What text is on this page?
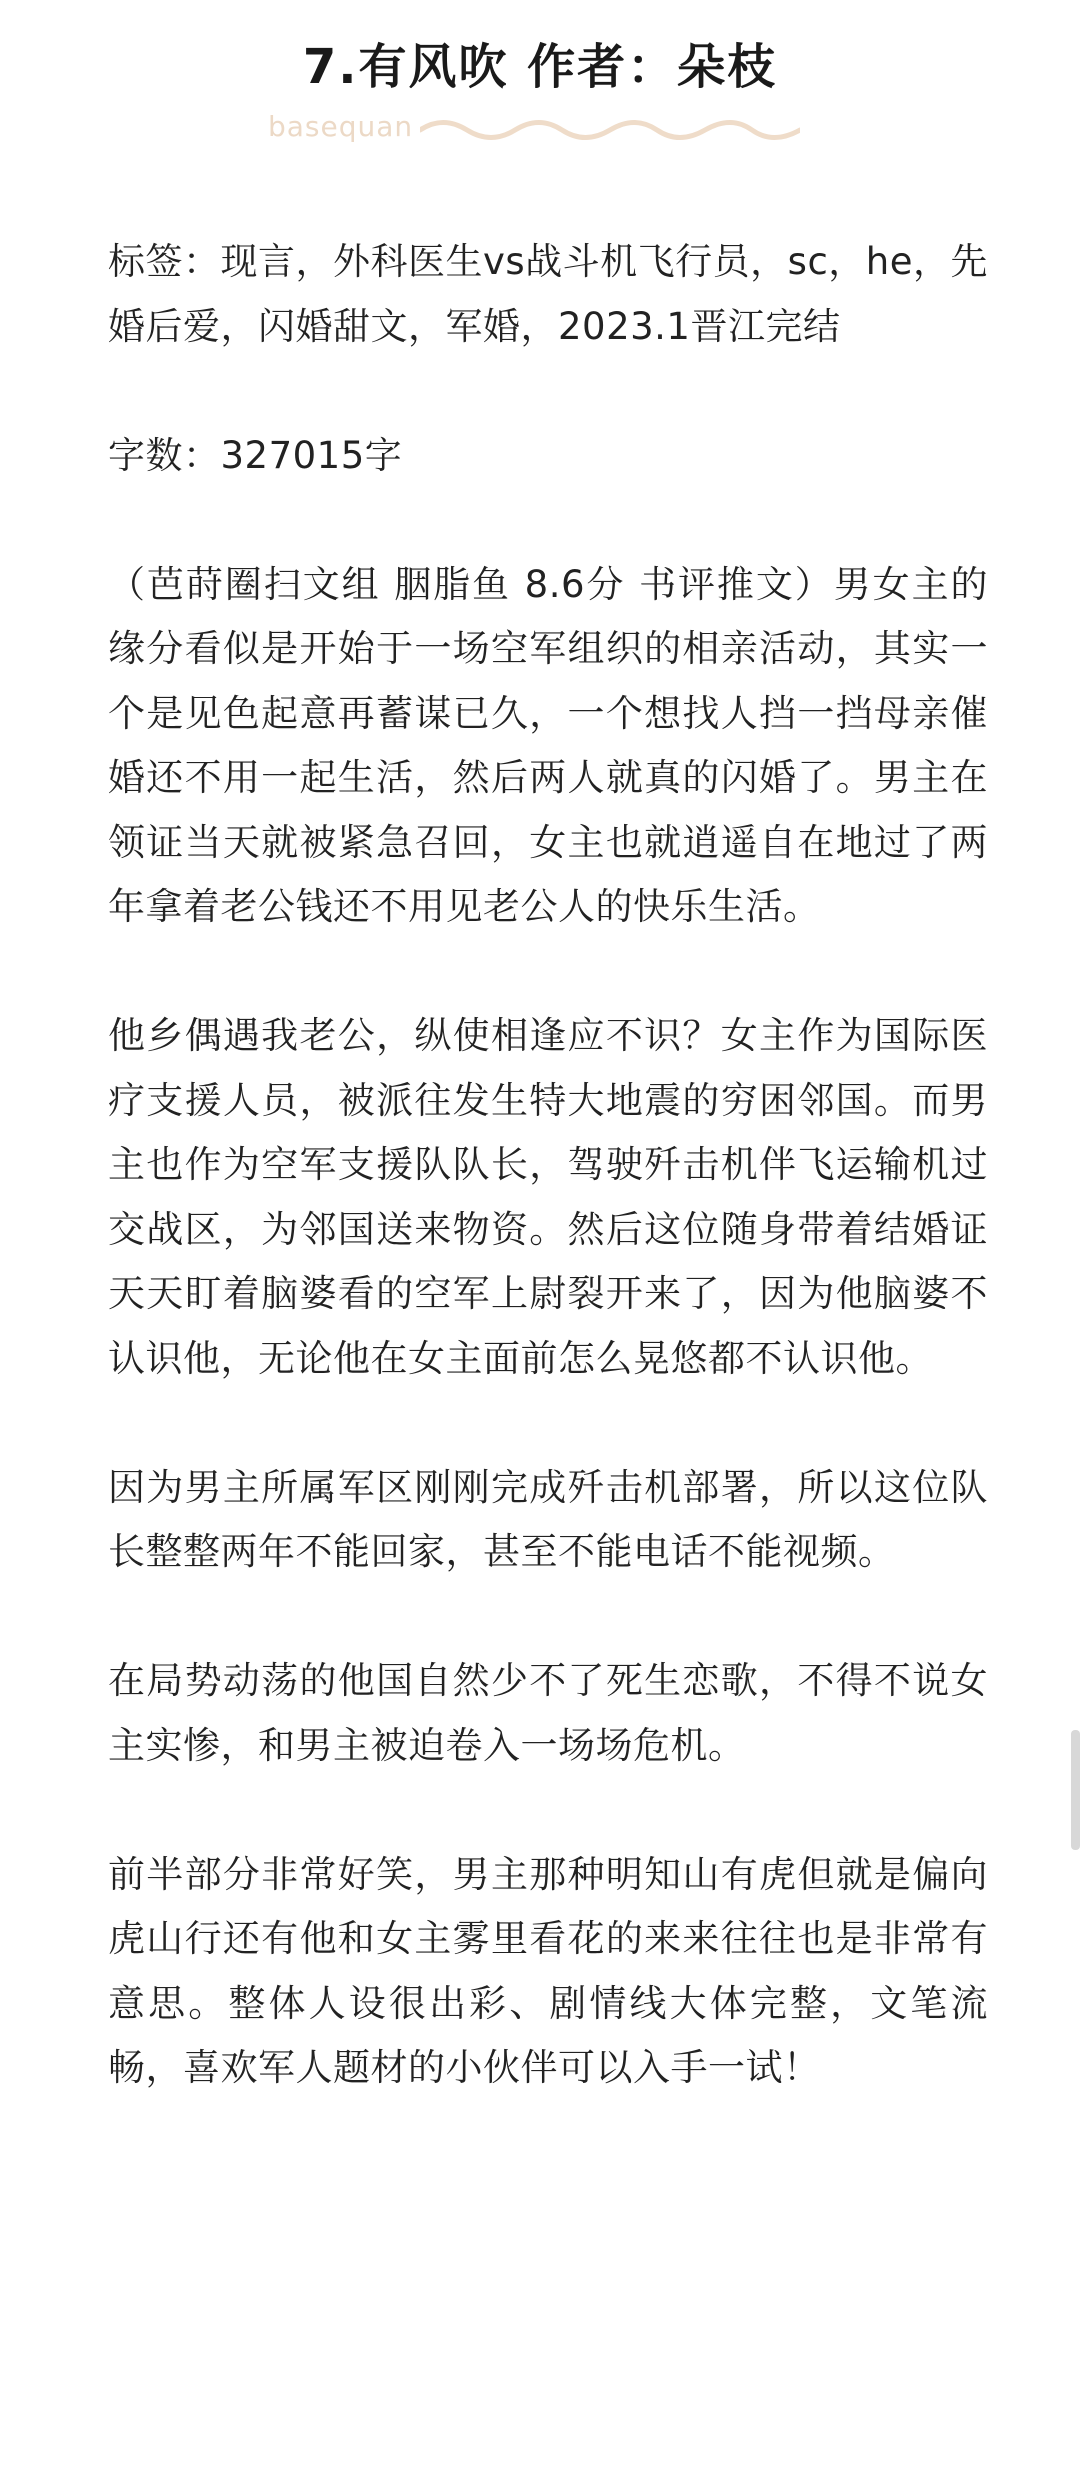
7.有风吹 作者：朵枝
basequan

标签：现言，外科医生vs战斗机飞行员，sc，he，先婚后爱，闪婚甜文，军婚，2023.1晋江完结

字数：327015字

（芭莳圈扫文组 胭脂鱼 8.6分 书评推文）男女主的缘分看似是开始于一场空军组织的相亲活动，其实一个是见色起意再蓄谋已久，一个想找人挡一挡母亲催婚还不用一起生活，然后两人就真的闪婚了。男主在领证当天就被紧急召回，女主也就逍遥自在地过了两年拿着老公钱还不用见老公人的快乐生活。

他乡偶遇我老公，纵使相逢应不识？女主作为国际医疗支援人员，被派往发生特大地震的穷困邻国。而男主也作为空军支援队队长，驾驶歼击机伴飞运输机过交战区，为邻国送来物资。然后这位随身带着结婚证天天盯着脑婆看的空军上尉裂开来了，因为他脑婆不认识他，无论他在女主面前怎么晃悠都不认识他。

因为男主所属军区刚刚完成歼击机部署，所以这位队长整整两年不能回家，甚至不能电话不能视频。

在局势动荡的他国自然少不了死生恋歌，不得不说女主实惨，和男主被迫卷入一场场危机。

前半部分非常好笑，男主那种明知山有虎但就是偏向虎山行还有他和女主雾里看花的来来往往也是非常有意思。整体人设很出彩、剧情线大体完整，文笔流畅，喜欢军人题材的小伙伴可以入手一试！
